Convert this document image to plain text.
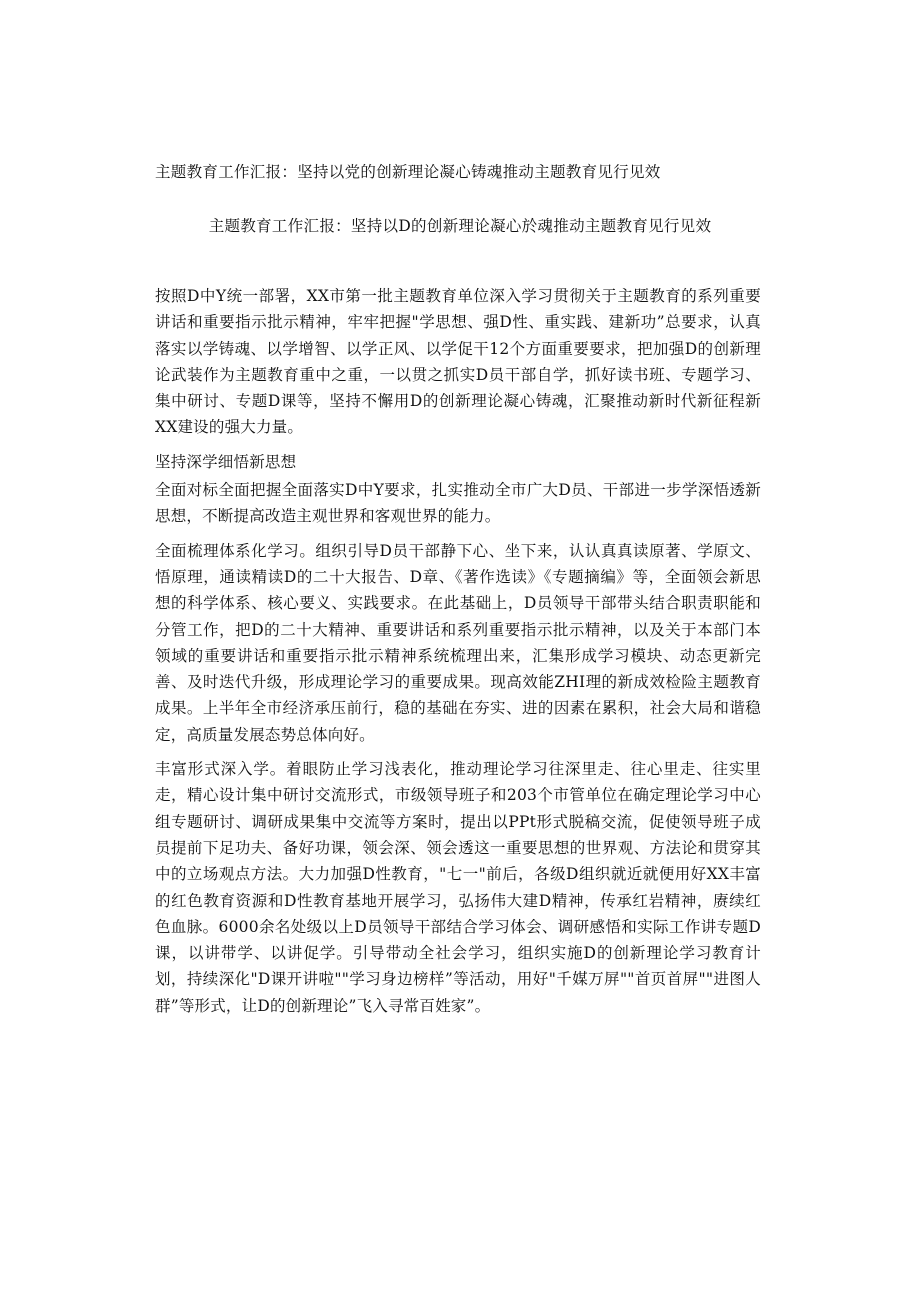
主题教育工作汇报：坚持以党的创新理论凝心铸魂推动主题教育见行见效
主题教育工作汇报：坚持以D的创新理论凝心於魂推动主题教育见行见效

按照D中Y统一部署，XX市第一批主题教育单位深入学习贯彻关于主题教育的系列重要讲话和重要指示批示精神，牢牢把握"学思想、强D性、重实践、建新功”总要求，认真落实以学铸魂、以学增智、以学正风、以学促干12个方面重要要求，把加强D的创新理论武装作为主题教育重中之重，一以贯之抓实D员干部自学，抓好读书班、专题学习、集中研讨、专题D课等，坚持不懈用D的创新理论凝心铸魂，汇聚推动新时代新征程新XX建设的强大力量。

坚持深学细悟新思想

全面对标全面把握全面落实D中Y要求，扎实推动全市广大D员、干部进一步学深悟透新思想，不断提高改造主观世界和客观世界的能力。

全面梳理体系化学习。组织引导D员干部静下心、坐下来，认认真真读原著、学原文、悟原理，通读精读D的二十大报告、D章、《著作选读》《专题摘编》等，全面领会新思想的科学体系、核心要义、实践要求。在此基础上，D员领导干部带头结合职责职能和分管工作，把D的二十大精神、重要讲话和系列重要指示批示精神，以及关于本部门本领域的重要讲话和重要指示批示精神系统梳理出来，汇集形成学习模块、动态更新完善、及时迭代升级，形成理论学习的重要成果。现高效能ZHI理的新成效检险主题教育成果。上半年全市经济承压前行，稳的基础在夯实、进的因素在累积，社会大局和谐稳定，高质量发展态势总体向好。

丰富形式深入学。着眼防止学习浅表化，推动理论学习往深里走、往心里走、往实里走，精心设计集中研讨交流形式，市级领导班子和203个市管单位在确定理论学习中心组专题研讨、调研成果集中交流等方案时，提出以PPt形式脱稿交流，促使领导班子成员提前下足功夫、备好功课，领会深、领会透这一重要思想的世界观、方法论和贯穿其中的立场观点方法。大力加强D性教育，"七一"前后，各级D组织就近就便用好XX丰富的红色教育资源和D性教育基地开展学习，弘扬伟大建D精神，传承红岩精神，赓续红色血脉。6000余名处级以上D员领导干部结合学习体会、调研感悟和实际工作讲专题D课，以讲带学、以讲促学。引导带动全社会学习，组织实施D的创新理论学习教育计划，持续深化"D课开讲啦""学习身边榜样”等活动，用好"千媒万屏""首页首屏""进图人群”等形式，让D的创新理论”飞入寻常百姓家”。
